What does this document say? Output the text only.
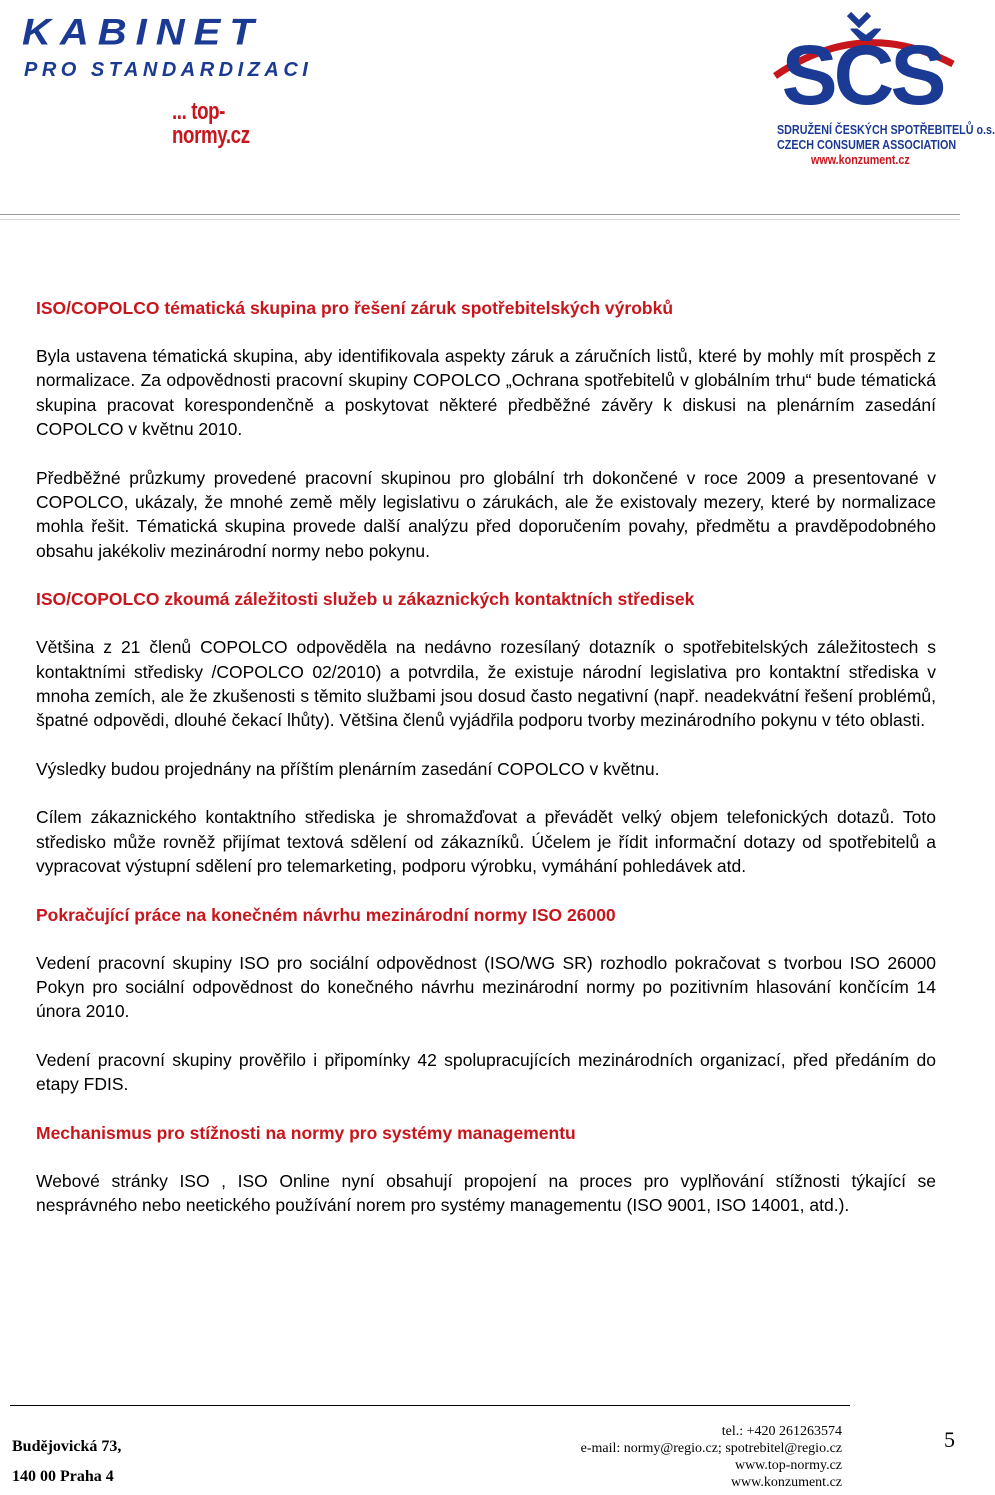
KABINET
PRO STANDARDIZACI
... top-normy.cz
SČS
SDRUŽENÍ ČESKÝCH SPOTŘEBITELŮ o.s.
CZECH CONSUMER ASSOCIATION
www.konzument.cz
ISO/COPOLCO tématická skupina pro řešení záruk spotřebitelských výrobků

Byla ustavena tématická skupina, aby identifikovala aspekty záruk a záručních listů, které by mohly mít prospěch z normalizace. Za odpovědnosti pracovní skupiny COPOLCO „Ochrana spotřebitelů v globálním trhu“ bude tématická skupina pracovat korespondenčně a poskytovat některé předběžné závěry k diskusi na plenárním zasedání COPOLCO v květnu 2010.

Předběžné průzkumy provedené pracovní skupinou pro globální trh dokončené v roce 2009 a presentované v COPOLCO, ukázaly, že mnohé země měly legislativu o zárukách, ale že existovaly mezery, které by normalizace mohla řešit. Tématická skupina provede další analýzu před doporučením povahy, předmětu a pravděpodobného obsahu jakékoliv mezinárodní normy nebo pokynu.

ISO/COPOLCO zkoumá záležitosti služeb u zákaznických kontaktních středisek

Většina z 21 členů COPOLCO odpověděla na nedávno rozesílaný dotazník o spotřebitelských záležitostech s kontaktními středisky /COPOLCO 02/2010) a potvrdila, že existuje národní legislativa pro kontaktní střediska v mnoha zemích, ale že zkušenosti s těmito službami jsou dosud často negativní (např. neadekvátní řešení problémů, špatné odpovědi, dlouhé čekací lhůty). Většina členů vyjádřila podporu tvorby mezinárodního pokynu v této oblasti.

Výsledky budou projednány na příštím plenárním zasedání COPOLCO v květnu.

Cílem zákaznického kontaktního střediska je shromažďovat a převádět velký objem telefonických dotazů. Toto středisko může rovněž přijímat textová sdělení od zákazníků. Účelem je řídit informační dotazy od spotřebitelů a vypracovat výstupní sdělení pro telemarketing, podporu výrobku, vymáhání pohledávek atd.

Pokračující práce na konečném návrhu mezinárodní normy ISO 26000

Vedení pracovní skupiny ISO pro sociální odpovědnost (ISO/WG SR) rozhodlo pokračovat s tvorbou ISO 26000 Pokyn pro sociální odpovědnost do konečného návrhu mezinárodní normy po pozitivním hlasování končícím 14 února 2010.

Vedení pracovní skupiny prověřilo i připomínky 42 spolupracujících mezinárodních organizací, před předáním do etapy FDIS.

Mechanismus pro stížnosti na normy pro systémy managementu

Webové stránky ISO , ISO Online nyní obsahují propojení na proces pro vyplňování stížnosti týkající se nesprávného nebo neetického používání norem pro systémy managementu (ISO 9001, ISO 14001, atd.).

Budějovická 73,
140 00 Praha 4
tel.: +420 261263574
e-mail: normy@regio.cz; spotrebitel@regio.cz
www.top-normy.cz
www.konzument.cz
5
